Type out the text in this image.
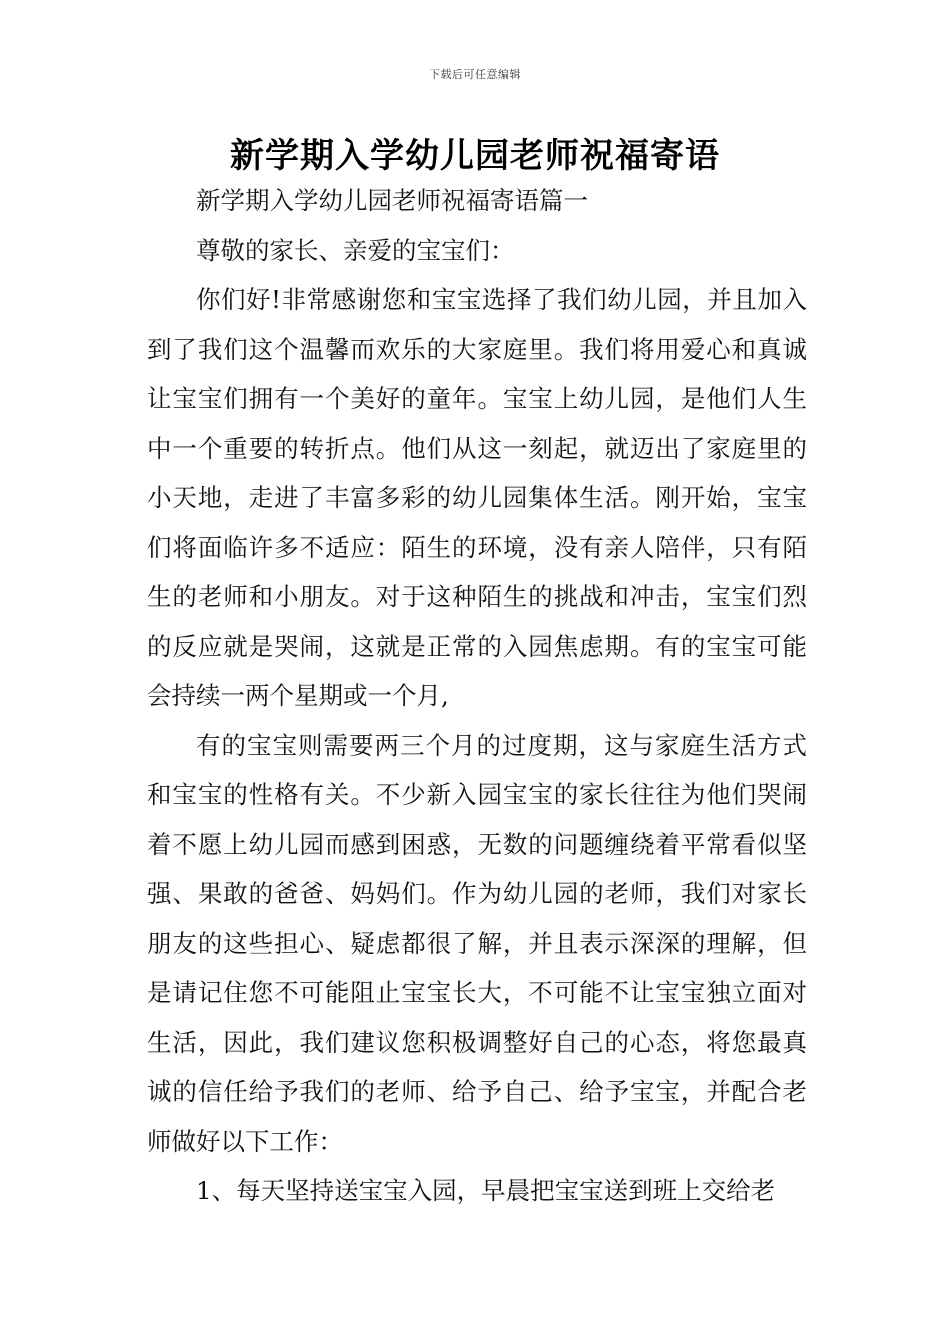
下载后可任意编辑
新学期入学幼儿园老师祝福寄语

新学期入学幼儿园老师祝福寄语篇一

尊敬的家长、亲爱的宝宝们：

你们好!非常感谢您和宝宝选择了我们幼儿园，并且加入到了我们这个温馨而欢乐的大家庭里。我们将用爱心和真诚让宝宝们拥有一个美好的童年。宝宝上幼儿园，是他们人生中一个重要的转折点。他们从这一刻起，就迈出了家庭里的小天地，走进了丰富多彩的幼儿园集体生活。刚开始，宝宝们将面临许多不适应：陌生的环境，没有亲人陪伴，只有陌生的老师和小朋友。对于这种陌生的挑战和冲击，宝宝们烈的反应就是哭闹，这就是正常的入园焦虑期。有的宝宝可能会持续一两个星期或一个月,

有的宝宝则需要两三个月的过度期，这与家庭生活方式和宝宝的性格有关。不少新入园宝宝的家长往往为他们哭闹着不愿上幼儿园而感到困惑，无数的问题缠绕着平常看似坚强、果敢的爸爸、妈妈们。作为幼儿园的老师，我们对家长朋友的这些担心、疑虑都很了解，并且表示深深的理解，但是请记住您不可能阻止宝宝长大，不可能不让宝宝独立面对生活，因此，我们建议您积极调整好自己的心态，将您最真诚的信任给予我们的老师、给予自己、给予宝宝，并配合老师做好以下工作：

1、每天坚持送宝宝入园，早晨把宝宝送到班上交给老
